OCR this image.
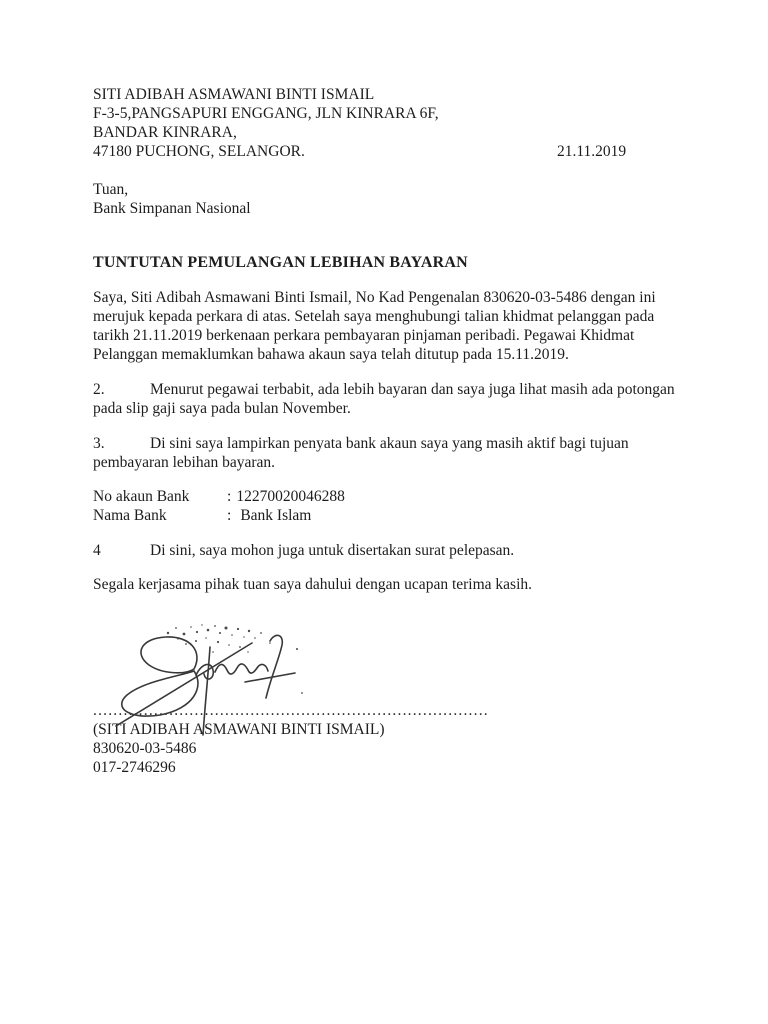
SITI ADIBAH ASMAWANI BINTI ISMAIL
F-3-5,PANGSAPURI ENGGANG, JLN KINRARA 6F,
BANDAR KINRARA,
47180 PUCHONG, SELANGOR.	21.11.2019
Tuan,
Bank Simpanan Nasional
TUNTUTAN PEMULANGAN LEBIHAN BAYARAN

Saya, Siti Adibah Asmawani Binti Ismail, No Kad Pengenalan 830620-03-5486 dengan ini merujuk kepada perkara di atas. Setelah saya menghubungi talian khidmat pelanggan pada tarikh 21.11.2019 berkenaan perkara pembayaran pinjaman peribadi. Pegawai Khidmat Pelanggan memaklumkan bahawa akaun saya telah ditutup pada 15.11.2019.

2.	Menurut pegawai terbabit, ada lebih bayaran dan saya juga lihat masih ada potongan pada slip gaji saya pada bulan November.

3.	Di sini saya lampirkan penyata bank akaun saya yang masih aktif bagi tujuan pembayaran lebihan bayaran.

No akaun Bank : 12270020046288
Nama Bank	: Bank Islam

4	Di sini, saya mohon juga untuk disertakan surat pelepasan.

Segala kerjasama pihak tuan saya dahului dengan ucapan terima kasih.

..............................................................................
(SITI ADIBAH ASMAWANI BINTI ISMAIL)
830620-03-5486
017-2746296
